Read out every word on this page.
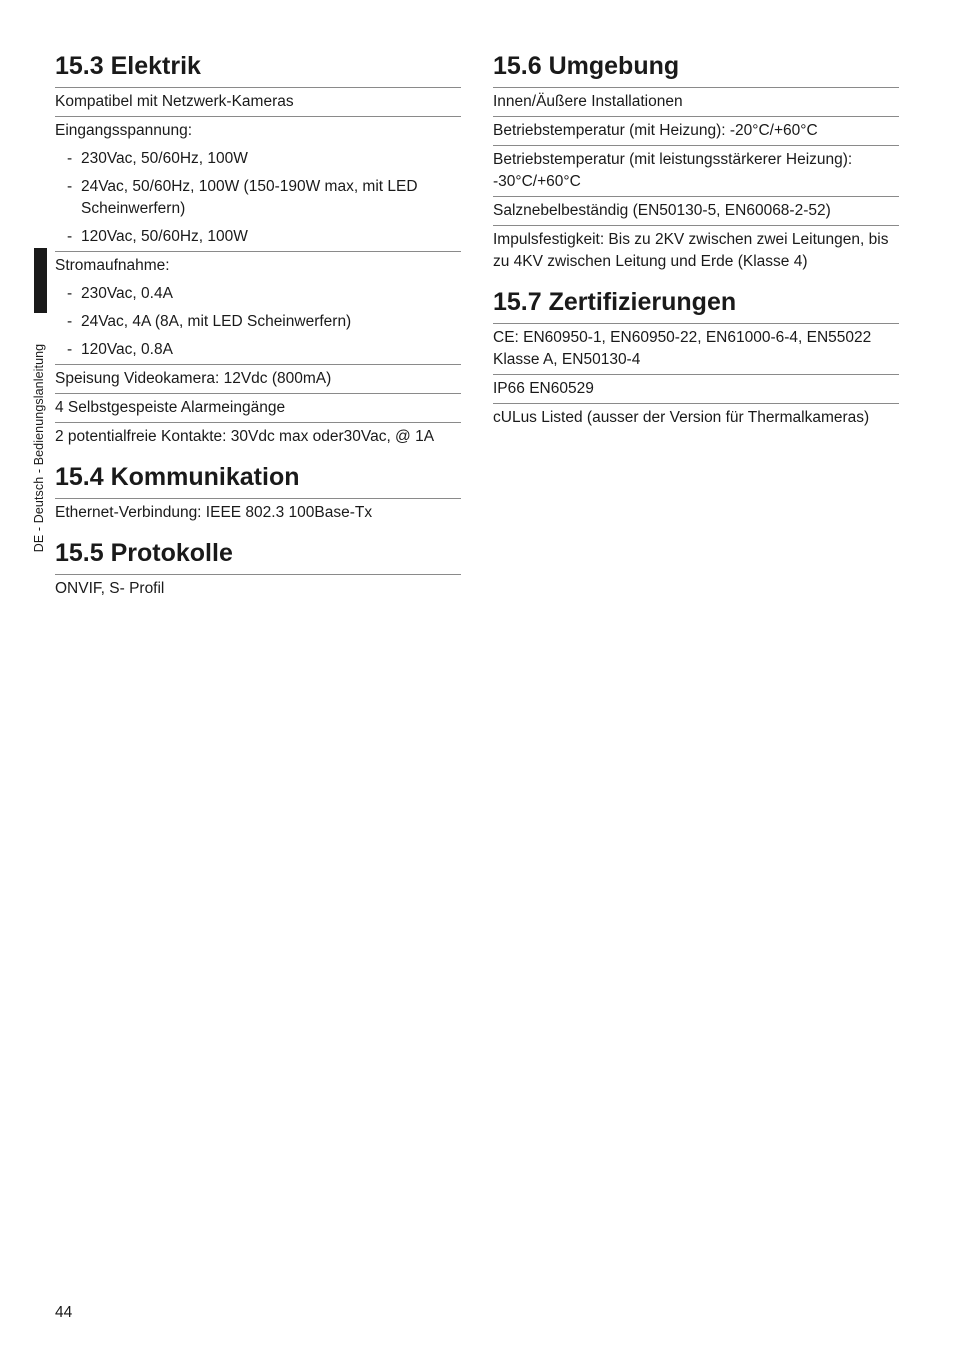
DE - Deutsch - Bedienungslanleitung
15.3 Elektrik
Kompatibel mit Netzwerk-Kameras
Eingangsspannung:
- 230Vac, 50/60Hz, 100W
- 24Vac, 50/60Hz, 100W (150-190W max, mit LED Scheinwerfern)
- 120Vac, 50/60Hz, 100W
Stromaufnahme:
- 230Vac, 0.4A
- 24Vac, 4A (8A, mit LED Scheinwerfern)
- 120Vac, 0.8A
Speisung Videokamera: 12Vdc (800mA)
4 Selbstgespeiste Alarmeingänge
2 potentialfreie Kontakte: 30Vdc max oder30Vac, @ 1A
15.4 Kommunikation
Ethernet-Verbindung: IEEE 802.3 100Base-Tx
15.5 Protokolle
ONVIF, S- Profil
15.6 Umgebung
Innen/Äußere Installationen
Betriebstemperatur (mit Heizung): -20°C/+60°C
Betriebstemperatur (mit leistungsstärkerer Heizung): -30°C/+60°C
Salznebelbeständig (EN50130-5, EN60068-2-52)
Impulsfestigkeit: Bis zu 2KV zwischen zwei Leitungen, bis zu 4KV zwischen Leitung und Erde (Klasse 4)
15.7 Zertifizierungen
CE: EN60950-1, EN60950-22, EN61000-6-4, EN55022 Klasse A, EN50130-4
IP66 EN60529
cULus Listed (ausser der Version für Thermalkameras)
44
